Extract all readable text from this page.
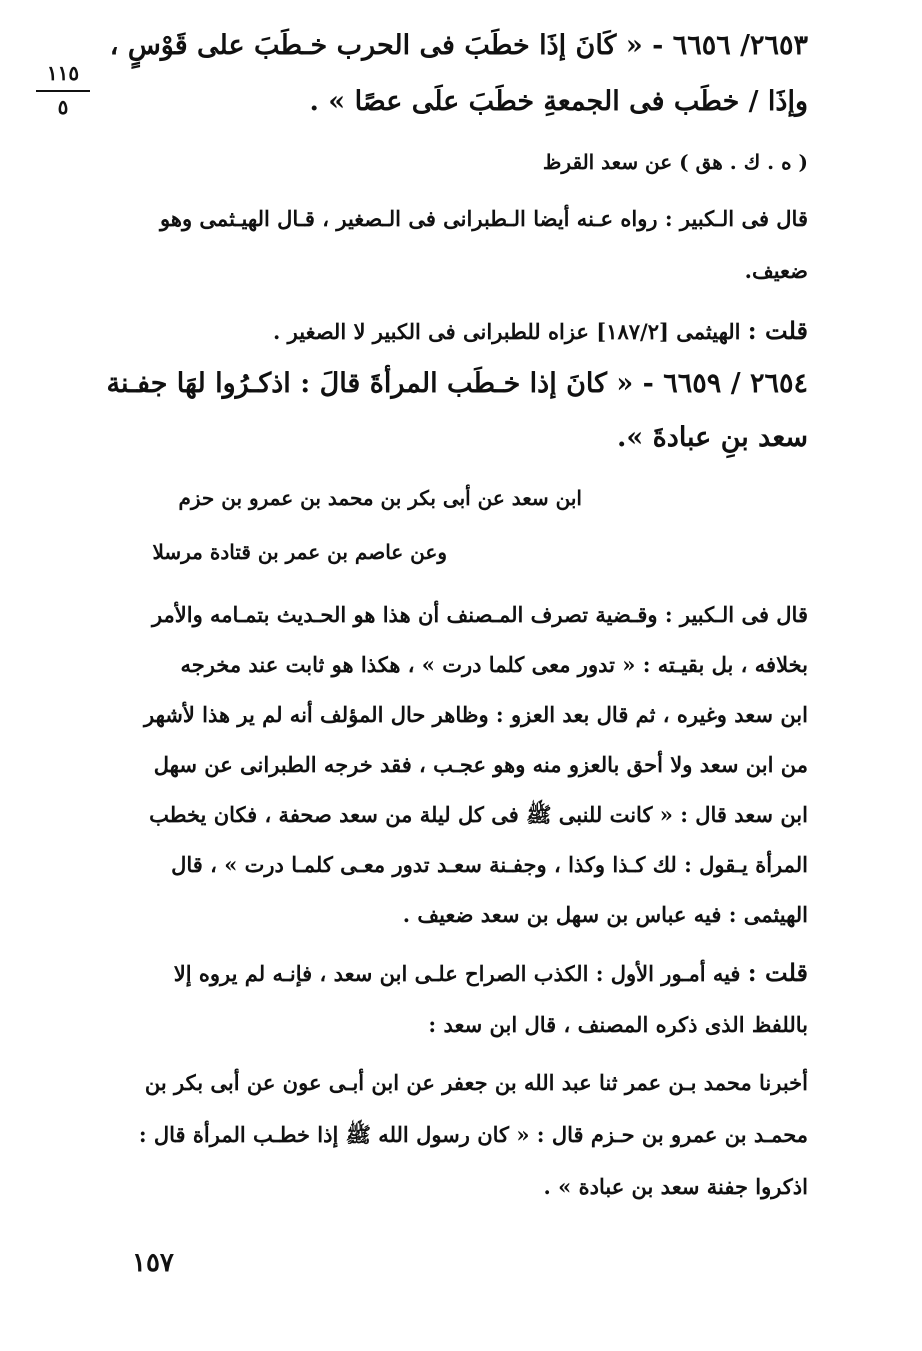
١١٥
٥
٢٦٥٣/ ٦٦٥٦ - « كَانَ إذَا خطَبَ فى الحرب خـطَبَ على قَوْسٍ ،
وإذَا / خطَب فى الجمعةِ خطَبَ علَى عصًا » .
( ه . ك . هق ) عن سعد القرظ
قال فى الـكبير : رواه عـنه أيضا الـطبرانى فى الـصغير ، قـال الهيـثمى وهو
ضعيف.
قلت : الهيثمى [١٨٧/٢] عزاه للطبرانى فى الكبير لا الصغير .
٢٦٥٤ / ٦٦٥٩ - « كانَ إذا خـطَب المرأةَ قالَ : اذكـرُوا لهَا جفـنة
سعد بنِ عبادةَ ».
ابن سعد عن أبى بكر بن محمد بن عمرو بن حزم
وعن عاصم بن عمر بن قتادة مرسلا
قال فى الـكبير : وقـضية تصرف المـصنف أن هذا هو الحـديث بتمـامه والأمر
بخلافه ، بل بقيـته : « تدور معى كلما درت » ، هكذا هو ثابت عند مخرجه
ابن سعد وغيره ، ثم قال بعد العزو : وظاهر حال المؤلف أنه لم ير هذا لأشهر
من ابن سعد ولا أحق بالعزو منه وهو عجـب ، فقد خرجه الطبرانى عن سهل
ابن سعد قال : « كانت للنبى ﷺ فى كل ليلة من سعد صحفة ، فكان يخطب
المرأة يـقول : لك كـذا وكذا ، وجفـنة سعـد تدور معـى كلمـا درت » ، قال
الهيثمى : فيه عباس بن سهل بن سعد ضعيف .
قلت : فيه أمـور الأول : الكذب الصراح علـى ابن سعد ، فإنـه لم يروه إلا
باللفظ الذى ذكره المصنف ، قال ابن سعد :
أخبرنا محمد بـن عمر ثنا عبد الله بن جعفر عن ابن أبـى عون عن أبى بكر بن
محمـد بن عمرو بن حـزم قال : « كان رسول الله ﷺ إذا خطـب المرأة قال :
اذكروا جفنة سعد بن عبادة » .
١٥٧
